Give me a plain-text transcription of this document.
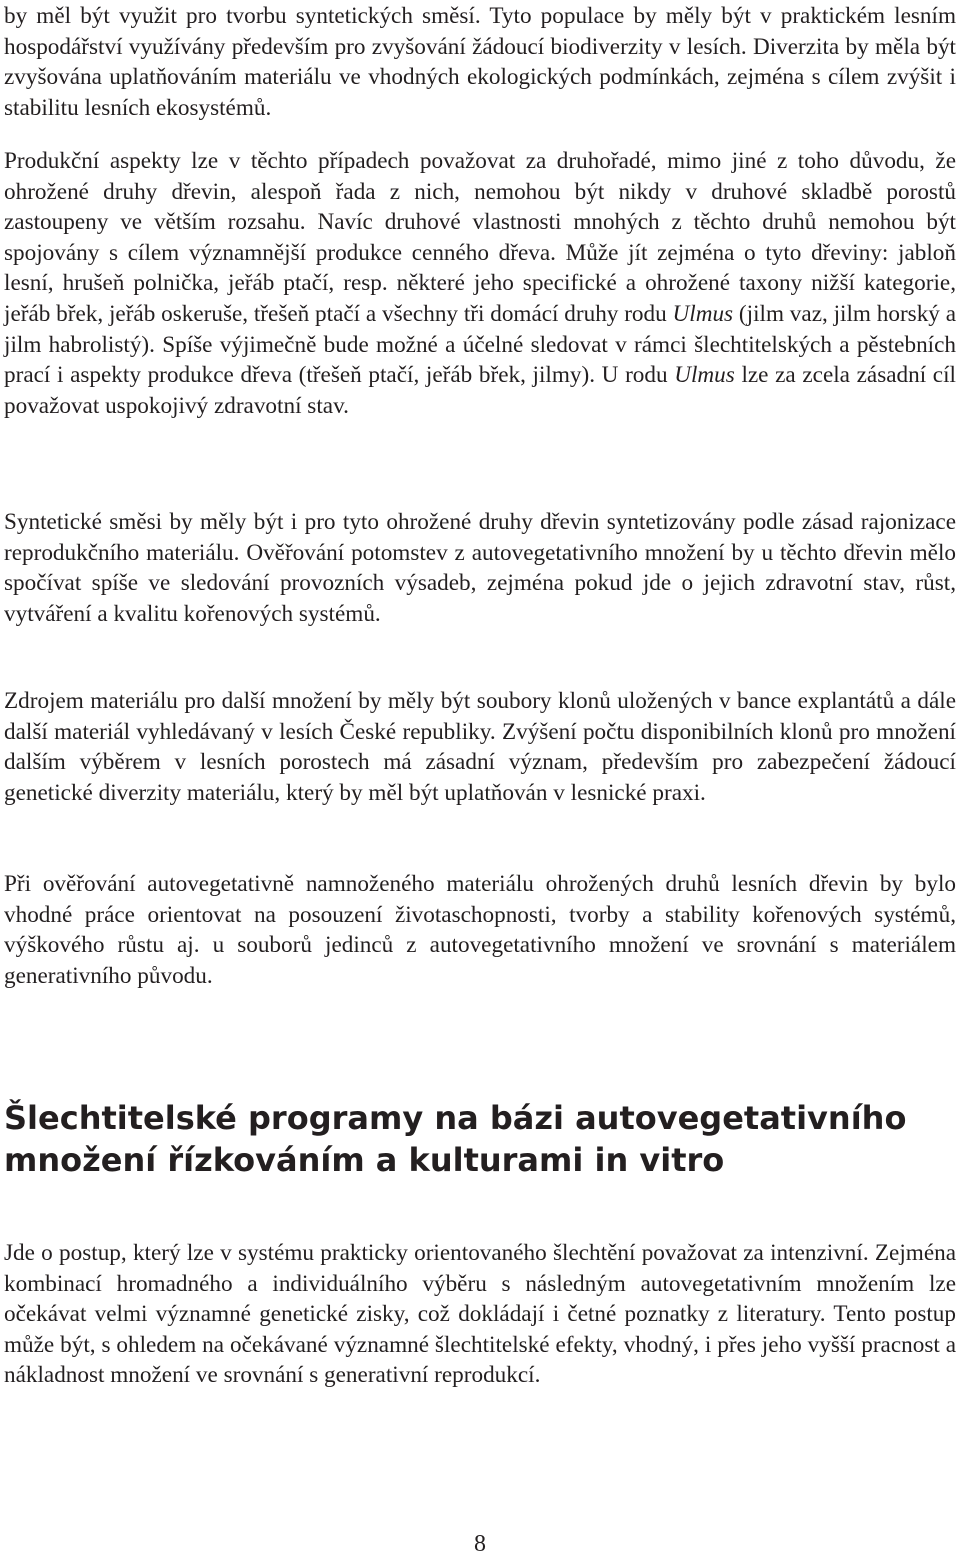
by měl být využit pro tvorbu syntetických směsí. Tyto populace by měly být v praktickém lesním hospodářství využívány především pro zvyšování žádoucí biodiverzity v lesích. Diverzita by měla být zvyšována uplatňováním materiálu ve vhodných ekologických podmínkách, zejména s cílem zvýšit i stabilitu lesních ekosystémů.

Produkční aspekty lze v těchto případech považovat za druhořadé, mimo jiné z toho důvodu, že ohrožené druhy dřevin, alespoň řada z nich, nemohou být nikdy v druhové skladbě porostů zastoupeny ve větším rozsahu. Navíc druhové vlastnosti mnohých z těchto druhů nemohou být spojovány s cílem významnější produkce cenného dřeva. Může jít zejména o tyto dřeviny: jabloň lesní, hrušeň polnička, jeřáb ptačí, resp. některé jeho specifické a ohrožené taxony nižší kategorie, jeřáb břek, jeřáb oskeruše, třešeň ptačí a všechny tři domácí druhy rodu Ulmus (jilm vaz, jilm horský a jilm habrolistý). Spíše výjimečně bude možné a účelné sledovat v rámci šlechtitelských a pěstebních prací i aspekty produkce dřeva (třešeň ptačí, jeřáb břek, jilmy). U rodu Ulmus lze za zcela zásadní cíl považovat uspokojivý zdravotní stav.

Syntetické směsi by měly být i pro tyto ohrožené druhy dřevin syntetizovány podle zásad rajonizace reprodukčního materiálu. Ověřování potomstev z autovegetativního množení by u těchto dřevin mělo spočívat spíše ve sledování provozních výsadeb, zejména pokud jde o jejich zdravotní stav, růst, vytváření a kvalitu kořenových systémů.

Zdrojem materiálu pro další množení by měly být soubory klonů uložených v bance explantátů a dále další materiál vyhledávaný v lesích České republiky. Zvýšení počtu disponibilních klonů pro množení dalším výběrem v lesních porostech má zásadní význam, především pro zabezpečení žádoucí genetické diverzity materiálu, který by měl být uplatňován v lesnické praxi.

Při ověřování autovegetativně namnoženého materiálu ohrožených druhů lesních dřevin by bylo vhodné práce orientovat na posouzení životaschopnosti, tvorby a stability kořenových systémů, výškového růstu aj. u souborů jedinců z autovegetativního množení ve srovnání s materiálem generativního původu.

Šlechtitelské programy na bázi autovegetativního
množení řízkováním a kulturami in vitro

Jde o postup, který lze v systému prakticky orientovaného šlechtění považovat za intenzivní. Zejména kombinací hromadného a individuálního výběru s následným autovegetativním množením lze očekávat velmi významné genetické zisky, což dokládají i četné poznatky z literatury. Tento postup může být, s ohledem na očekávané významné šlechtitelské efekty, vhodný, i přes jeho vyšší pracnost a nákladnost množení ve srovnání s generativní reprodukcí.

8
